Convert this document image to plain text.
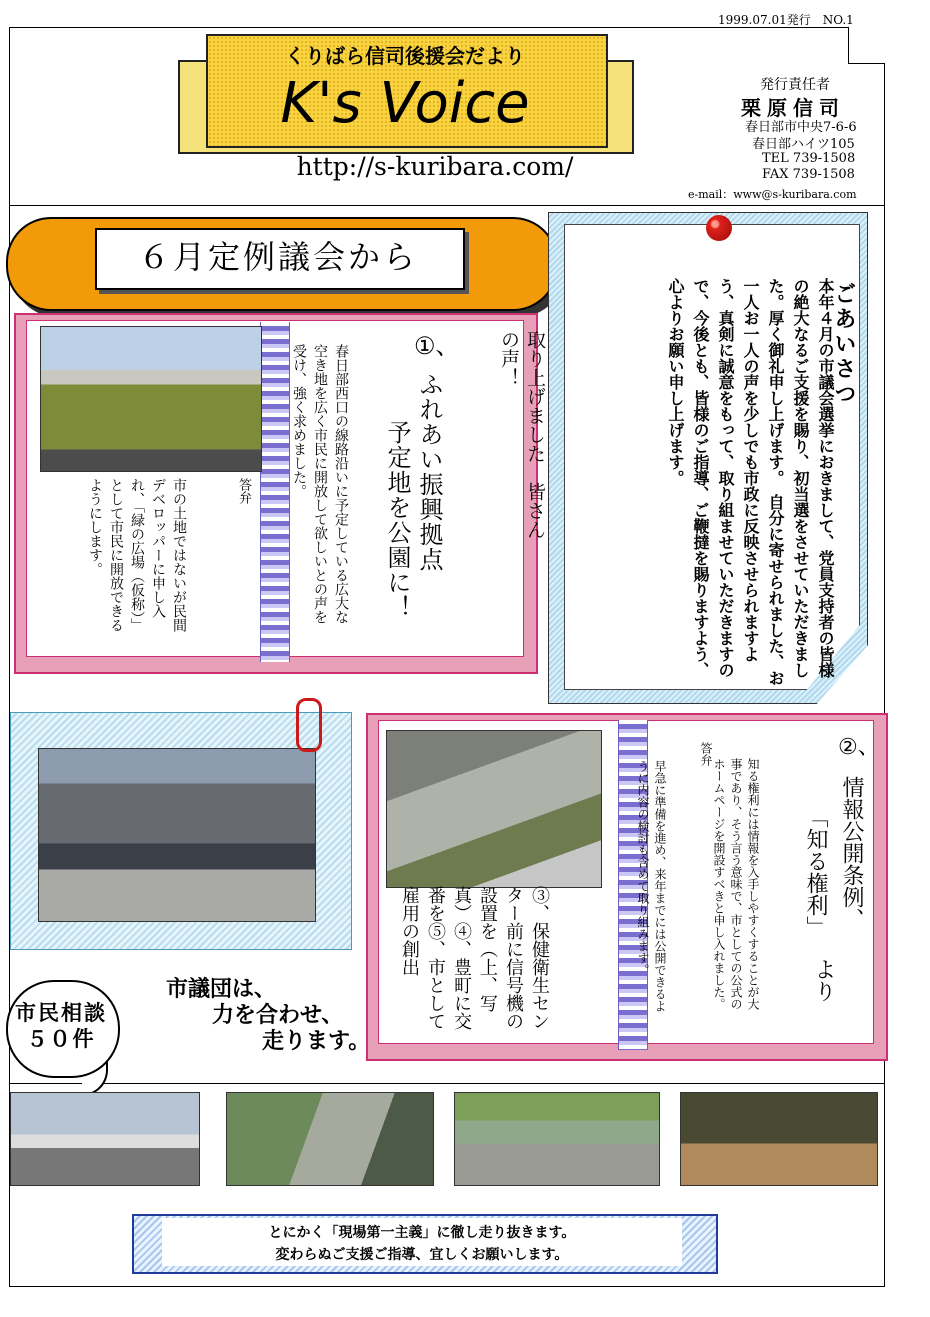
1999.07.01発行　NO.1
くりばら信司後援会だより
K's Voice
http://s-kuribara.com/
発行責任者
栗原信司
春日部市中央7-6-6
春日部ハイツ105
TEL 739-1508
FAX 739-1508
e-mail：www@s-kuribara.com
６月定例議会から
ごあいさつ
本年４月の市議会選挙におきまして、党員支持者の皆様の絶大なるご支援を賜り、初当選をさせていただきました。厚く御礼申し上げます。　自分に寄せられました、お一人お一人の声を少しでも市政に反映させられますよう、真剣に誠意をもって、取り組ませていただきますので、今後とも、皆様のご指導、ご鞭撻を賜りますよう、心よりお願い申し上げます。
取り上げました　皆さんの声！
①、
ふれあい振興拠点
予定地を公園に！
春日部西口の線路沿いに予定している広大な空き地を広く市民に開放して欲しいとの声を受け、強く求めました。
答弁
市の土地ではないが民間デベロッパーに申し入れ、「緑の広場（仮称）」として市民に開放できるようにします。
②、
情報公開条例、
「知る権利」
より
知る権利には情報を入手しやすくすることが大事であり、そう言う意味で、市としての公式のホームページを開設すべきと申し入れました。
答弁
早急に準備を進め、来年までには公開できるように内容の検討も含めて取り組みます。
③、保健衛生センター前に信号機の設置を（上、写真）④、豊町に交番を⑤、市として雇用の創出
市民相談５０件
市議団は、
力を合わせ、
走ります。
とにかく「現場第一主義」に徹し走り抜きます。
変わらぬご支援ご指導、宜しくお願いします。
